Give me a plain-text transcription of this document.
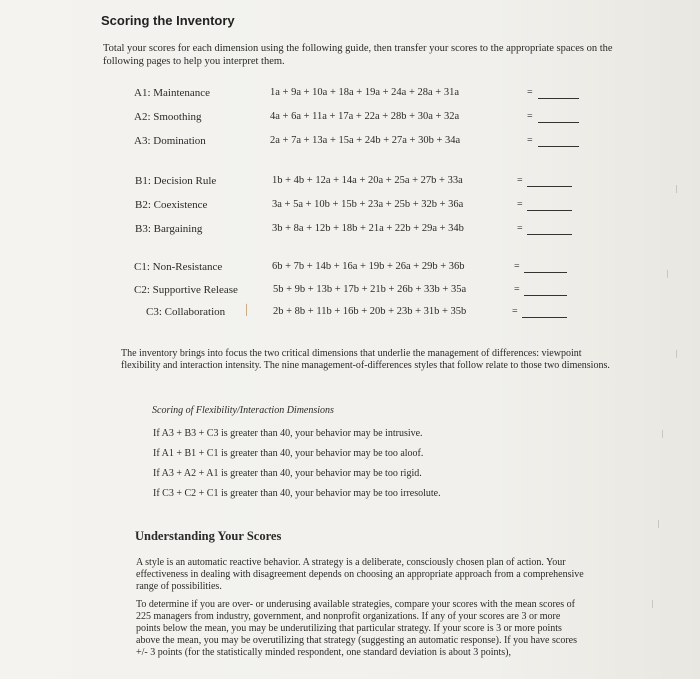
Scoring the Inventory
Total your scores for each dimension using the following guide, then transfer your scores to the appropriate spaces on the following pages to help you interpret them.
A1: Maintenance	1a + 9a + 10a + 18a + 19a + 24a + 28a + 31a	=
A2: Smoothing	4a + 6a + 11a + 17a + 22a + 28b + 30a + 32a	=
A3: Domination	2a + 7a + 13a + 15a + 24b + 27a + 30b + 34a	=
B1: Decision Rule	1b + 4b + 12a + 14a + 20a + 25a + 27b + 33a	=
B2: Coexistence	3a + 5a + 10b + 15b + 23a + 25b + 32b + 36a	=
B3: Bargaining	3b + 8a + 12b + 18b + 21a + 22b + 29a + 34b	=
C1: Non-Resistance	6b + 7b + 14b + 16a + 19b + 26a + 29b + 36b	=
C2: Supportive Release	5b + 9b + 13b + 17b + 21b + 26b + 33b + 35a	=
C3: Collaboration │ 2b + 8b + 11b + 16b + 20b + 23b + 31b + 35b	=
The inventory brings into focus the two critical dimensions that underlie the management of differences: viewpoint flexibility and interaction intensity. The nine management-of-differences styles that follow relate to those two dimensions.
Scoring of Flexibility/Interaction Dimensions
If A3 + B3 + C3 is greater than 40, your behavior may be intrusive.
If A1 + B1 + C1 is greater than 40, your behavior may be too aloof.
If A3 + A2 + A1 is greater than 40, your behavior may be too rigid.
If C3 + C2 + C1 is greater than 40, your behavior may be too irresolute.
Understanding Your Scores
A style is an automatic reactive behavior. A strategy is a deliberate, consciously chosen plan of action. Your effectiveness in dealing with disagreement depends on choosing an appropriate approach from a comprehensive range of possibilities.
To determine if you are over- or underusing available strategies, compare your scores with the mean scores of 225 managers from industry, government, and nonprofit organizations. If any of your scores are 3 or more points below the mean, you may be underutilizing that particular strategy. If your score is 3 or more points above the mean, you may be overutilizing that strategy (suggesting an automatic response). If you have scores +/- 3 points (for the statistically minded respondent, one standard deviation is about 3 points),
